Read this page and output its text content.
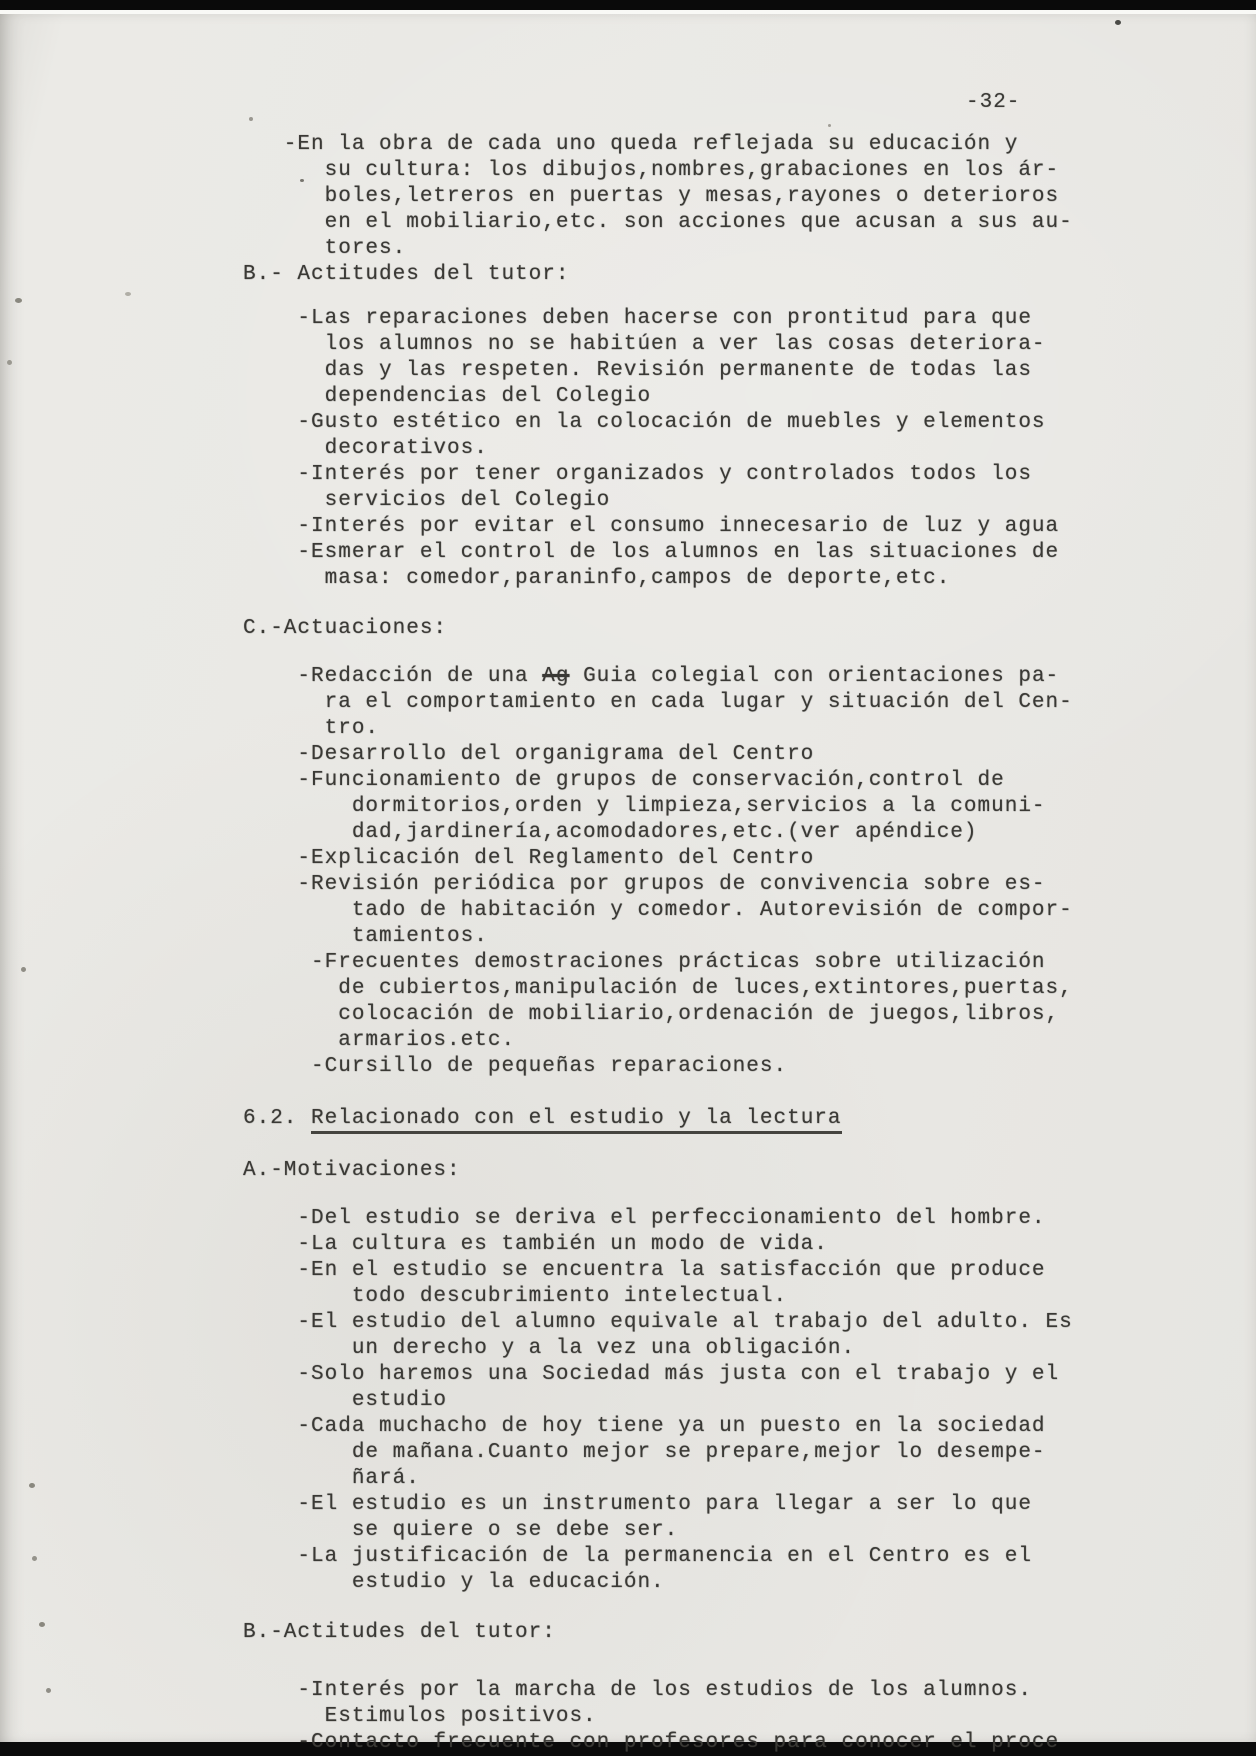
-32-
-En la obra de cada uno queda reflejada su educación y
su cultura: los dibujos,nombres,grabaciones en los ár-
boles,letreros en puertas y mesas,rayones o deterioros
en el mobiliario,etc. son acciones que acusan a sus au-
tores.
B.- Actitudes del tutor:
-Las reparaciones deben hacerse con prontitud para que
los alumnos no se habitúen a ver las cosas deteriora-
das y las respeten. Revisión permanente de todas las
dependencias del Colegio
-Gusto estético en la colocación de muebles y elementos
decorativos.
-Interés por tener organizados y controlados todos los
servicios del Colegio
-Interés por evitar el consumo innecesario de luz y agua
-Esmerar el control de los alumnos en las situaciones de
masa: comedor,paraninfo,campos de deporte,etc.
C.-Actuaciones:
-Redacción de una Ag Guia colegial con orientaciones pa-
ra el comportamiento en cada lugar y situación del Cen-
tro.
-Desarrollo del organigrama del Centro
-Funcionamiento de grupos de conservación,control de
dormitorios,orden y limpieza,servicios a la comuni-
dad,jardinería,acomodadores,etc.(ver apéndice)
-Explicación del Reglamento del Centro
-Revisión periódica por grupos de convivencia sobre es-
tado de habitación y comedor. Autorevisión de compor-
tamientos.
-Frecuentes demostraciones prácticas sobre utilización
de cubiertos,manipulación de luces,extintores,puertas,
colocación de mobiliario,ordenación de juegos,libros,
armarios.etc.
-Cursillo de pequeñas reparaciones.
6.2. Relacionado con el estudio y la lectura
A.-Motivaciones:
-Del estudio se deriva el perfeccionamiento del hombre.
-La cultura es también un modo de vida.
-En el estudio se encuentra la satisfacción que produce
todo descubrimiento intelectual.
-El estudio del alumno equivale al trabajo del adulto. Es
un derecho y a la vez una obligación.
-Solo haremos una Sociedad más justa con el trabajo y el
estudio
-Cada muchacho de hoy tiene ya un puesto en la sociedad
de mañana.Cuanto mejor se prepare,mejor lo desempe-
ñará.
-El estudio es un instrumento para llegar a ser lo que
se quiere o se debe ser.
-La justificación de la permanencia en el Centro es el
estudio y la educación.
B.-Actitudes del tutor:
-Interés por la marcha de los estudios de los alumnos.
Estimulos positivos.
-Contacto frecuente con profesores para conocer el proce
